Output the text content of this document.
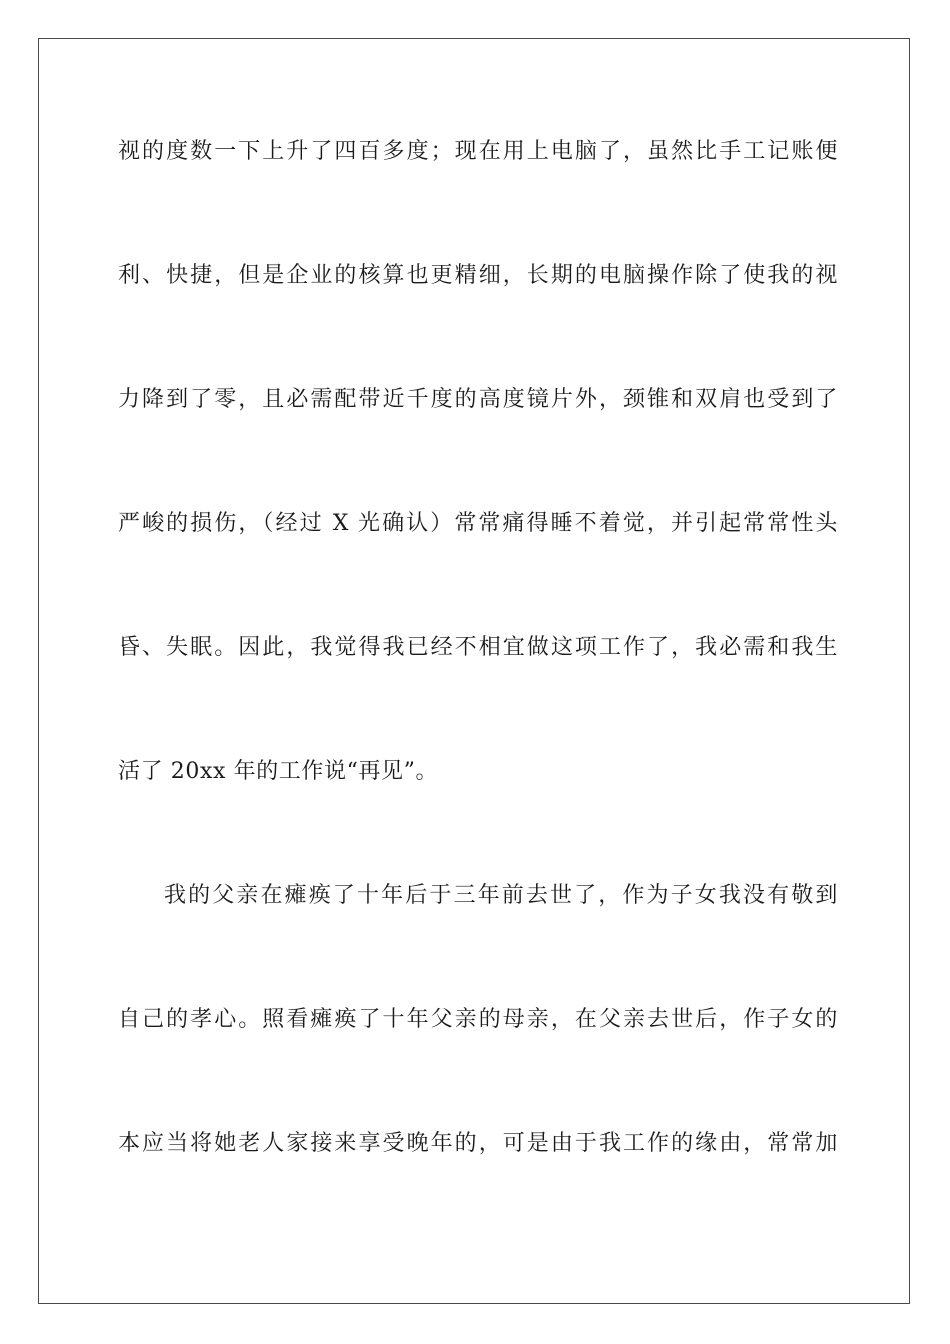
视的度数一下上升了四百多度；现在用上电脑了，虽然比手工记账便
利、快捷，但是企业的核算也更精细，长期的电脑操作除了使我的视
力降到了零，且必需配带近千度的高度镜片外，颈锥和双肩也受到了
严峻的损伤，（经过 X 光确认）常常痛得睡不着觉，并引起常常性头
昏、失眠。因此，我觉得我已经不相宜做这项工作了，我必需和我生
活了 20xx 年的工作说“再见”。
我的父亲在瘫痪了十年后于三年前去世了，作为子女我没有敬到
自己的孝心。照看瘫痪了十年父亲的母亲，在父亲去世后，作子女的
本应当将她老人家接来享受晚年的，可是由于我工作的缘由，常常加
